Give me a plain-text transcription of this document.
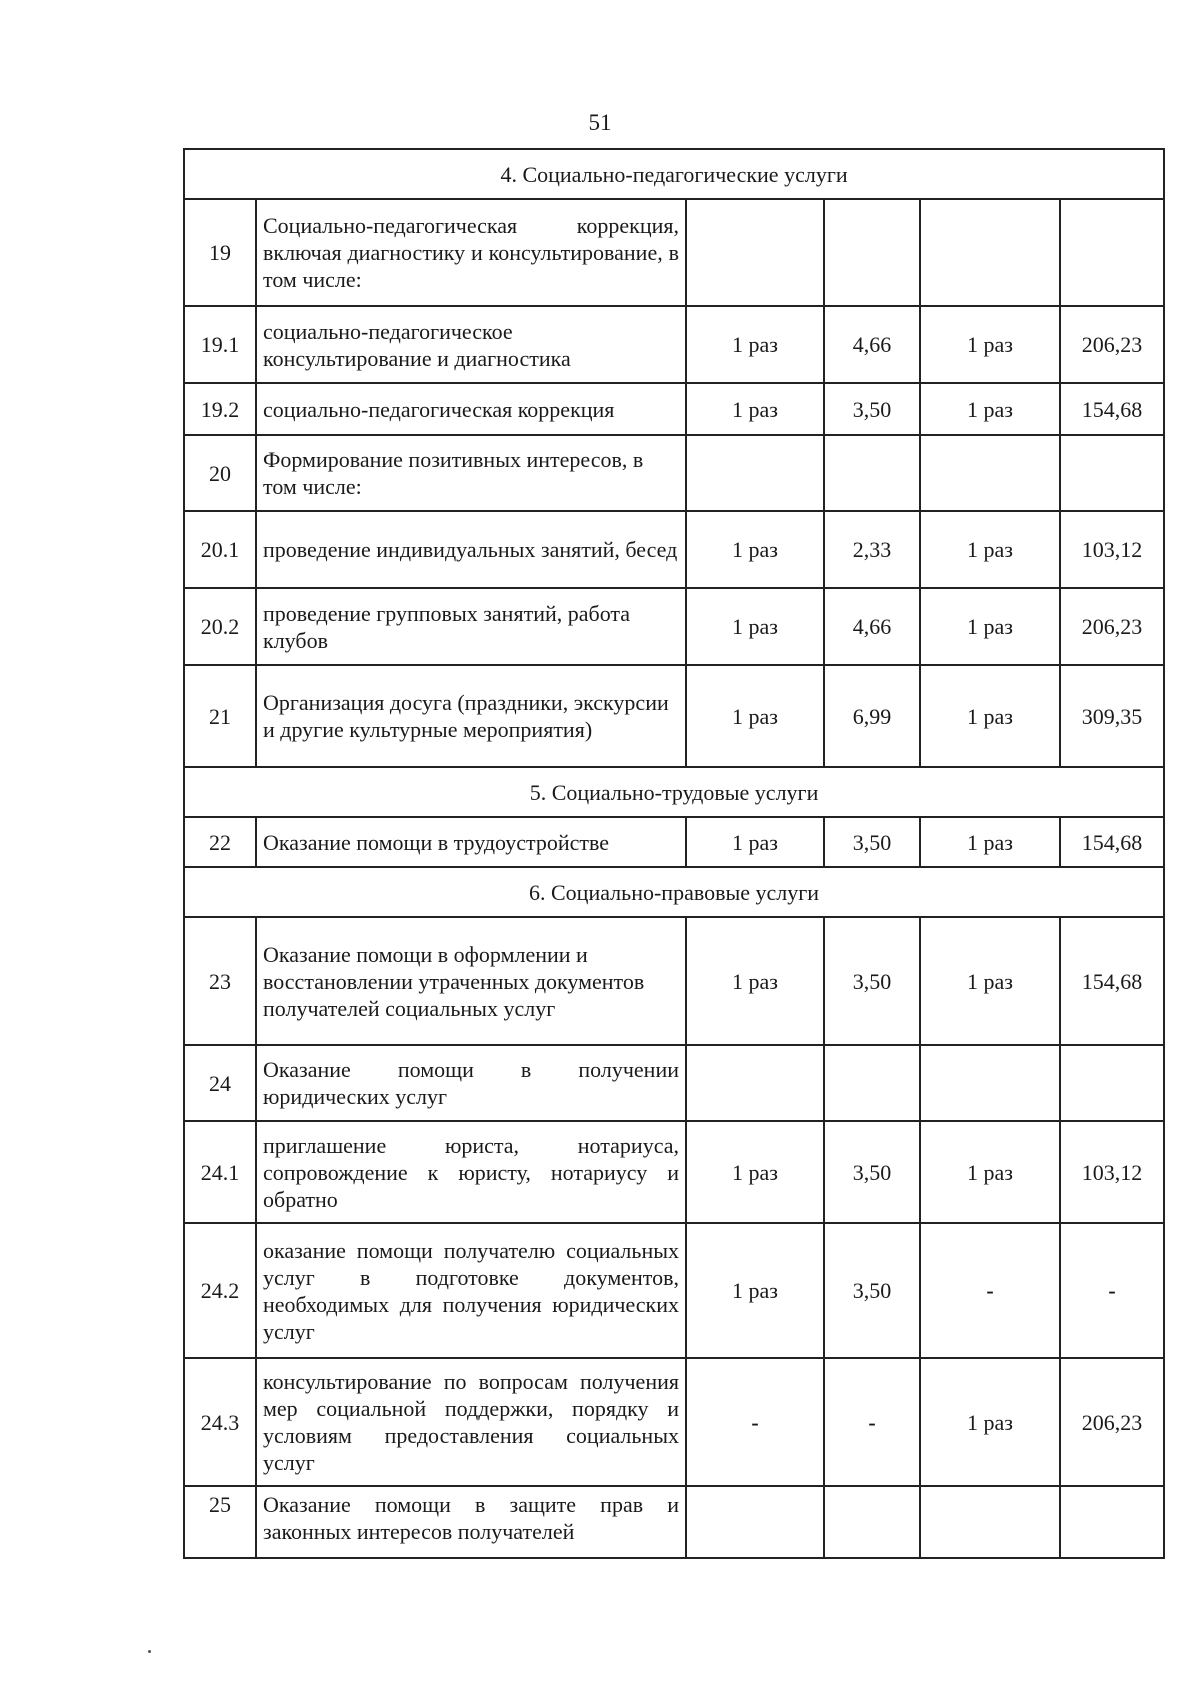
51
4. Социально-педагогические услуги					
19	Социально-педагогическая коррекция, включая диагностику и консультирование, в том числе:				
19.1	социально-педагогическое консультирование и диагностика	1 раз	4,66	1 раз	206,23
19.2	социально-педагогическая коррекция	1 раз	3,50	1 раз	154,68
20	Формирование позитивных интересов, в том числе:				
20.1	проведение индивидуальных занятий, бесед	1 раз	2,33	1 раз	103,12
20.2	проведение групповых занятий, работа клубов	1 раз	4,66	1 раз	206,23
21	Организация досуга (праздники, экскурсии и другие культурные мероприятия)	1 раз	6,99	1 раз	309,35
5. Социально-трудовые услуги					
22	Оказание помощи в трудоустройстве	1 раз	3,50	1 раз	154,68
6. Социально-правовые услуги					
23	Оказание помощи в оформлении и восстановлении утраченных документов получателей социальных услуг	1 раз	3,50	1 раз	154,68
24	Оказание помощи в получении юридических услуг				
24.1	приглашение юриста, нотариуса, сопровождение к юристу, нотариусу и обратно	1 раз	3,50	1 раз	103,12
24.2	оказание помощи получателю социальных услуг в подготовке документов, необходимых для получения юридических услуг	1 раз	3,50	-	-
24.3	консультирование по вопросам получения мер социальной поддержки, порядку и условиям предоставления социальных услуг	-	-	1 раз	206,23
25	Оказание помощи в защите прав и законных интересов получателей				
